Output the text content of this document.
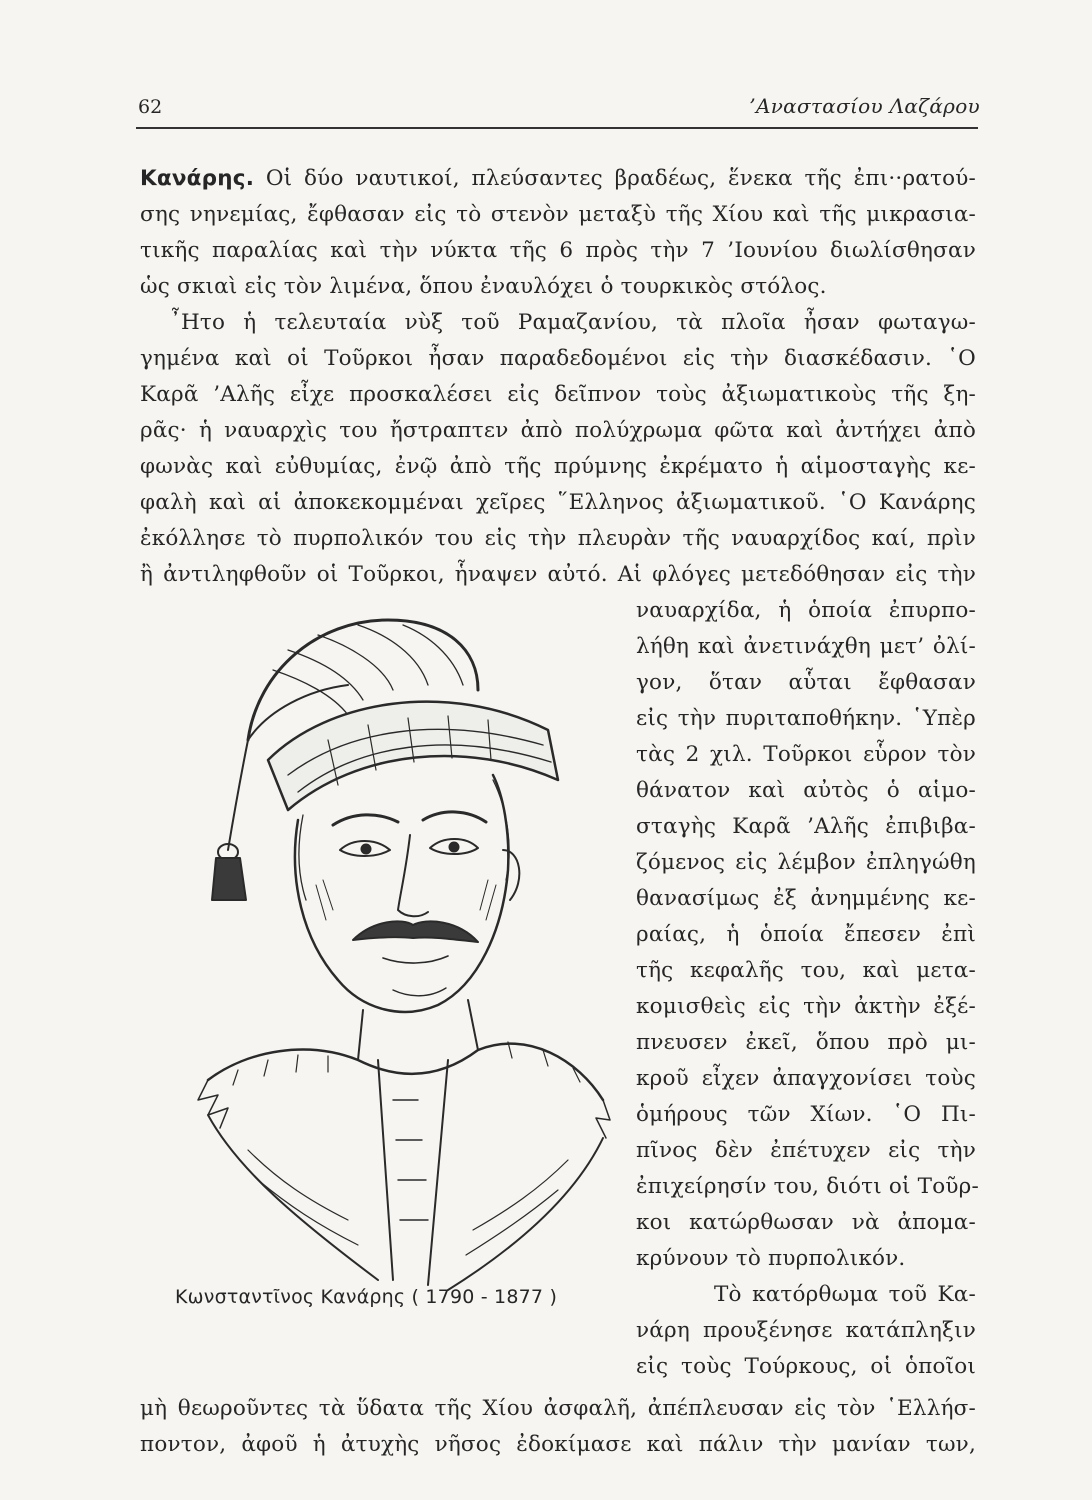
62	’Αναστασίου Λαζάρου
Κανάρης. Οἱ δύο ναυτικοί, πλεύσαντες βραδέως, ἕνεκα τῆς ἐπι··ρατού-
σης νηνεμίας, ἔφθασαν εἰς τὸ στενὸν μεταξὺ τῆς Χίου καὶ τῆς μικρασια-
τικῆς παραλίας καὶ τὴν νύκτα τῆς 6 πρὸς τὴν 7 ’Ιουνίου διωλίσθησαν
ὡς σκιαὶ εἰς τὸν λιμένα, ὅπου ἐναυλόχει ὁ τουρκικὸς στόλος.
῏Ητο ἡ τελευταία νὺξ τοῦ Ραμαζανίου, τὰ πλοῖα ἦσαν φωταγω-
γημένα καὶ οἱ Τοῦρκοι ἦσαν παραδεδομένοι εἰς τὴν διασκέδασιν. ῾Ο
Καρᾶ ’Αλῆς εἶχε προσκαλέσει εἰς δεῖπνον τοὺς ἀξιωματικοὺς τῆς ξη-
ρᾶς· ἡ ναυαρχὶς του ἤστραπτεν ἀπὸ πολύχρωμα φῶτα καὶ ἀντήχει ἀπὸ
φωνὰς καὶ εὐθυμίας, ἐνῷ ἀπὸ τῆς πρύμνης ἐκρέματο ἡ αἱμοσταγὴς κε-
φαλὴ καὶ αἱ ἀποκεκομμέναι χεῖρες ῞Ελληνος ἀξιωματικοῦ. ῾Ο Κανάρης
ἐκόλλησε τὸ πυρπολικόν του εἰς τὴν πλευρὰν τῆς ναυαρχίδος καί, πρὶν
ἢ ἀντιληφθοῦν οἱ Τοῦρκοι, ἧναψεν αὐτό. Αἱ φλόγες μετεδόθησαν εἰς τὴν
ναυαρχίδα, ἡ ὁποία ἐπυρπο-
λήθη καὶ ἀνετινάχθη μετ’ ὀλί-
γον, ὅταν αὗται ἔφθασαν
εἰς τὴν πυριταποθήκην. ῾Υπὲρ
τὰς 2 χιλ. Τοῦρκοι εὗρον τὸν
θάνατον καὶ αὐτὸς ὁ αἱμο-
σταγὴς Καρᾶ ’Αλῆς ἐπιβιβα-
ζόμενος εἰς λέμβον ἐπληγώθη
θανασίμως ἐξ ἀνημμένης κε-
ραίας, ἡ ὁποία ἔπεσεν ἐπὶ
τῆς κεφαλῆς του, καὶ μετα-
κομισθεὶς εἰς τὴν ἀκτὴν ἐξέ-
πνευσεν ἐκεῖ, ὅπου πρὸ μι-
κροῦ εἶχεν ἀπαγχονίσει τοὺς
ὁμήρους τῶν Χίων. ῾Ο Πι-
πῖνος δὲν ἐπέτυχεν εἰς τὴν
ἐπιχείρησίν του, διότι οἱ Τοῦρ-
κοι κατώρθωσαν νὰ ἀπομα-
κρύνουν τὸ πυρπολικόν.
Τὸ κατόρθωμα τοῦ Κα-
νάρη προυξένησε κατάπληξιν
εἰς τοὺς Τούρκους, οἱ ὁποῖοι
μὴ θεωροῦντες τὰ ὕδατα τῆς Χίου ἀσφαλῆ, ἀπέπλευσαν εἰς τὸν ῾Ελλήσ-
ποντον, ἀφοῦ ἡ ἀτυχὴς νῆσος ἐδοκίμασε καὶ πάλιν τὴν μανίαν των,
Κωνσταντῖνος Κανάρης ( 1790 - 1877 )
